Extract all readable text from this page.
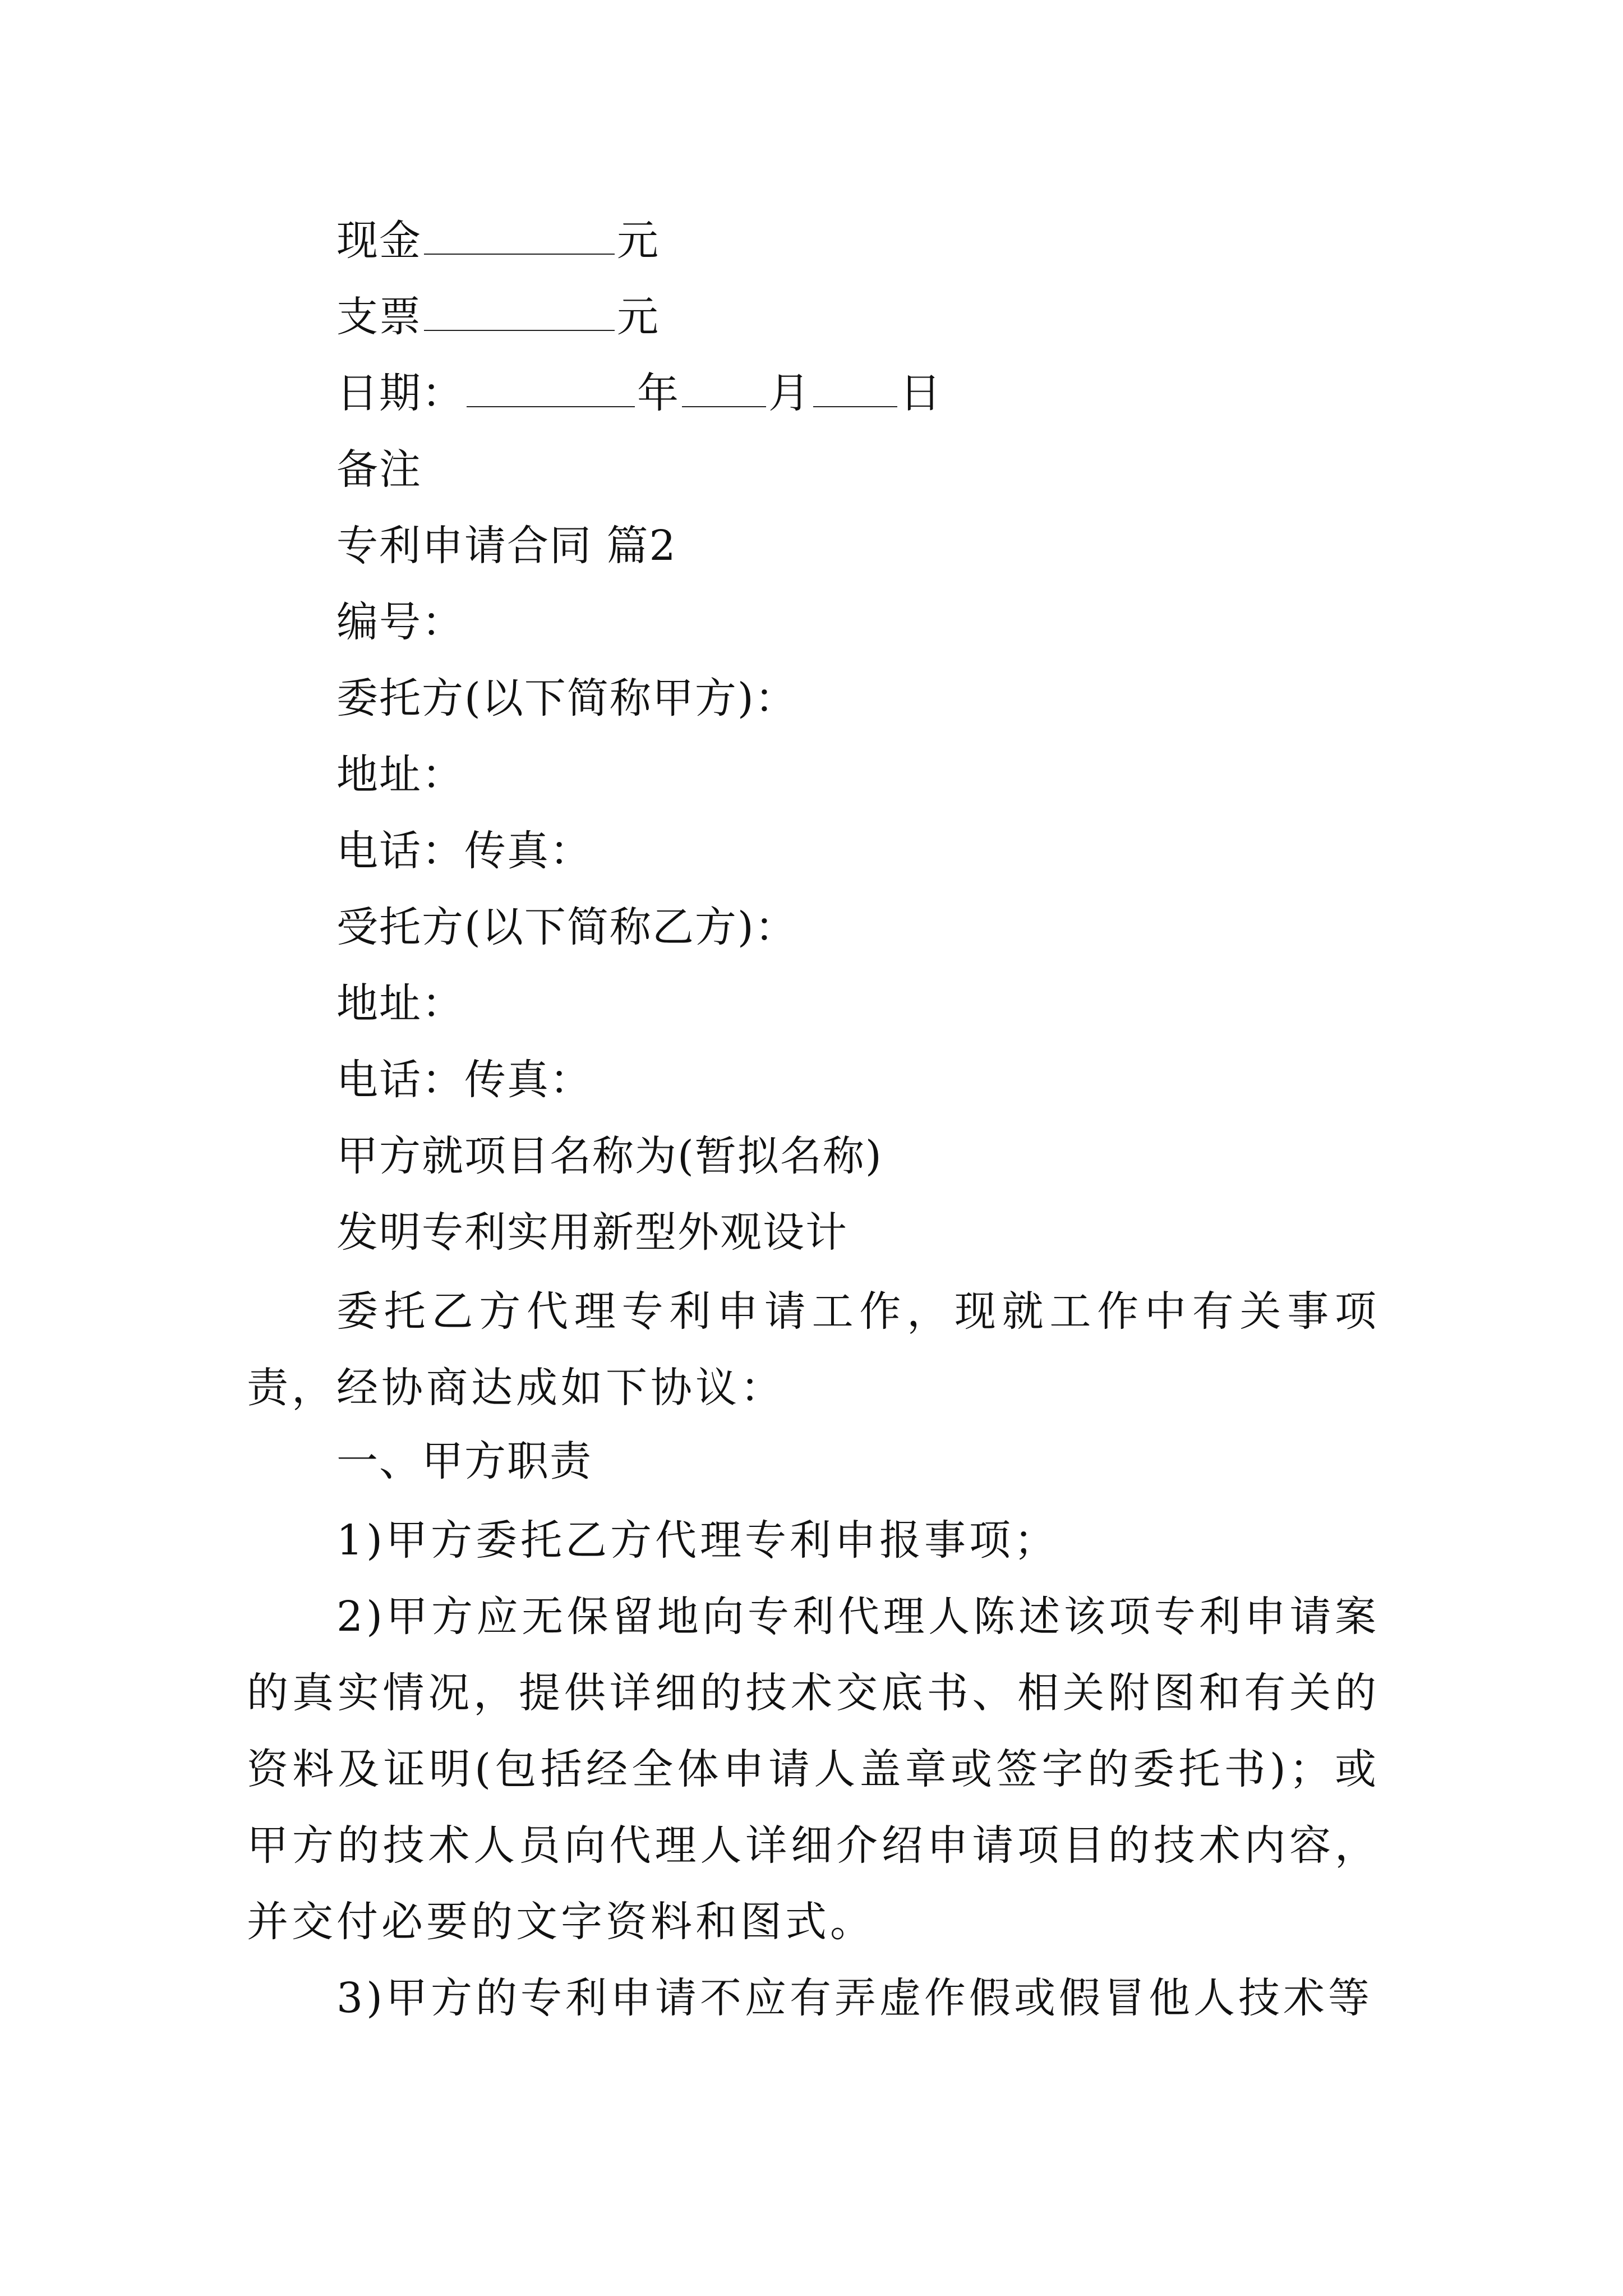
现金	元
支票	元
日期：	年 月 日
备注
专利申请合同 篇2
编号：
委托方(以下简称甲方)：
地址：
电话：传真：
受托方(以下简称乙方)：
地址：
电话：传真：
甲方就项目名称为(暂拟名称)
发明专利实用新型外观设计
委托乙方代理专利申请工作，现就工作中有关事项责，经协商达成如下协议：
一、甲方职责
1)甲方委托乙方代理专利申报事项；
2)甲方应无保留地向专利代理人陈述该项专利申请案的真实情况，提供详细的技术交底书、相关附图和有关的资料及证明(包括经全体申请人盖章或签字的委托书)；或甲方的技术人员向代理人详细介绍申请项目的技术内容，并交付必要的文字资料和图式。
3)甲方的专利申请不应有弄虚作假或假冒他人技术等
